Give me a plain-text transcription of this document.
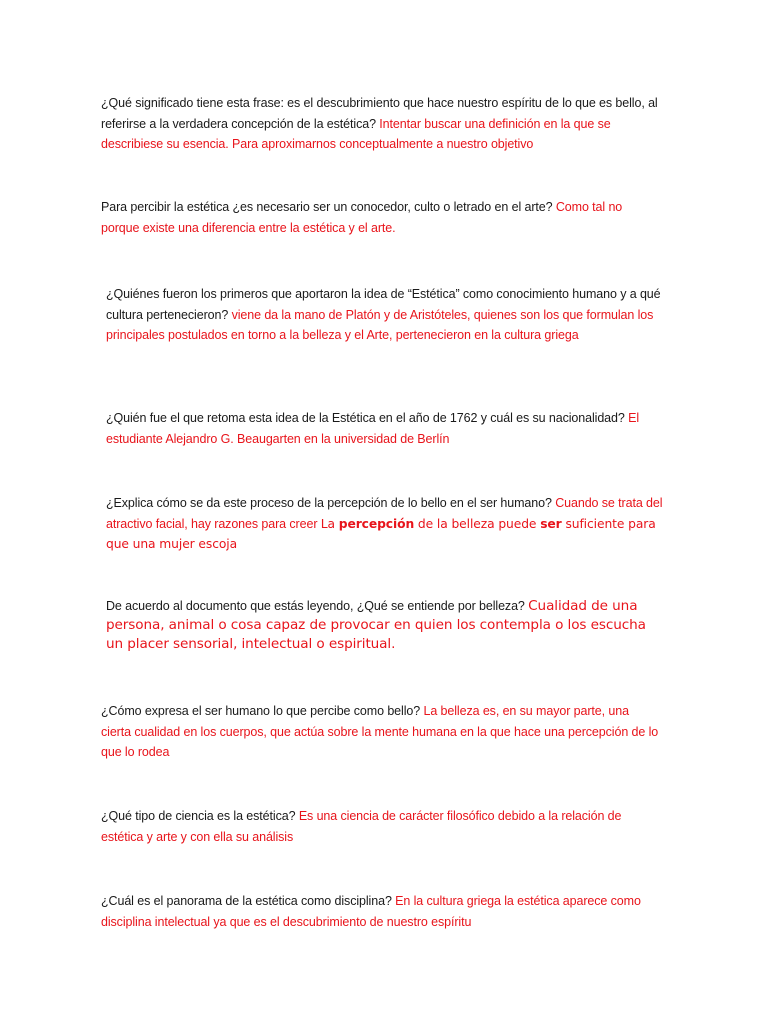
¿Qué significado tiene esta frase: es el descubrimiento que hace nuestro espíritu de lo que es bello, al referirse a la verdadera concepción de la estética? Intentar buscar una definición en la que se describiese su esencia. Para aproximarnos conceptualmente a nuestro objetivo

Para percibir la estética ¿es necesario ser un conocedor, culto o letrado en el arte? Como tal no porque existe una diferencia entre la estética y el arte.

¿Quiénes fueron los primeros que aportaron la idea de “Estética” como conocimiento humano y a qué cultura pertenecieron? viene da la mano de Platón y de Aristóteles, quienes son los que formulan los principales postulados en torno a la belleza y el Arte, pertenecieron en la cultura griega

¿Quién fue el que retoma esta idea de la Estética en el año de 1762 y cuál es su nacionalidad? El estudiante Alejandro G. Beaugarten en la universidad de Berlín

¿Explica cómo se da este proceso de la percepción de lo bello en el ser humano? Cuando se trata del atractivo facial, hay razones para creer La percepción de la belleza puede ser suficiente para que una mujer escoja

De acuerdo al documento que estás leyendo, ¿Qué se entiende por belleza? Cualidad de una persona, animal o cosa capaz de provocar en quien los contempla o los escucha un placer sensorial, intelectual o espiritual.

¿Cómo expresa el ser humano lo que percibe como bello? La belleza es, en su mayor parte, una cierta cualidad en los cuerpos, que actúa sobre la mente humana en la que hace una percepción de lo que lo rodea

¿Qué tipo de ciencia es la estética? Es una ciencia de carácter filosófico debido a la relación de estética y arte y con ella su análisis

¿Cuál es el panorama de la estética como disciplina? En la cultura griega la estética aparece como disciplina intelectual ya que es el descubrimiento de nuestro espíritu
